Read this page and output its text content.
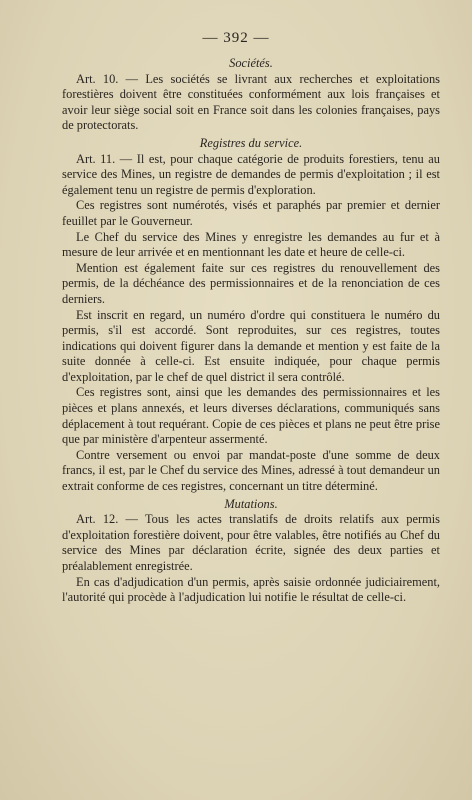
— 392 —

Sociétés.

Art. 10. — Les sociétés se livrant aux recherches et exploitations forestières doivent être constituées conformément aux lois françaises et avoir leur siège social soit en France soit dans les colonies françaises, pays de protectorats.

Registres du service.

Art. 11. — Il est, pour chaque catégorie de produits forestiers, tenu au service des Mines, un registre de demandes de permis d'exploitation ; il est également tenu un registre de permis d'exploration.

Ces registres sont numérotés, visés et paraphés par premier et dernier feuillet par le Gouverneur.

Le Chef du service des Mines y enregistre les demandes au fur et à mesure de leur arrivée et en mentionnant les date et heure de celle-ci.

Mention est également faite sur ces registres du renouvellement des permis, de la déchéance des permissionnaires et de la renonciation de ces derniers.

Est inscrit en regard, un numéro d'ordre qui constituera le numéro du permis, s'il est accordé. Sont reproduites, sur ces registres, toutes indications qui doivent figurer dans la demande et mention y est faite de la suite donnée à celle-ci. Est ensuite indiquée, pour chaque permis d'exploitation, par le chef de quel district il sera contrôlé.

Ces registres sont, ainsi que les demandes des permissionnaires et les pièces et plans annexés, et leurs diverses déclarations, communiqués sans déplacement à tout requérant. Copie de ces pièces et plans ne peut être prise que par ministère d'arpenteur assermenté.

Contre versement ou envoi par mandat-poste d'une somme de deux francs, il est, par le Chef du service des Mines, adressé à tout demandeur un extrait conforme de ces registres, concernant un titre déterminé.

Mutations.

Art. 12. — Tous les actes translatifs de droits relatifs aux permis d'exploitation forestière doivent, pour être valables, être notifiés au Chef du service des Mines par déclaration écrite, signée des deux parties et préalablement enregistrée.

En cas d'adjudication d'un permis, après saisie ordonnée judiciairement, l'autorité qui procède à l'adjudication lui notifie le résultat de celle-ci.
